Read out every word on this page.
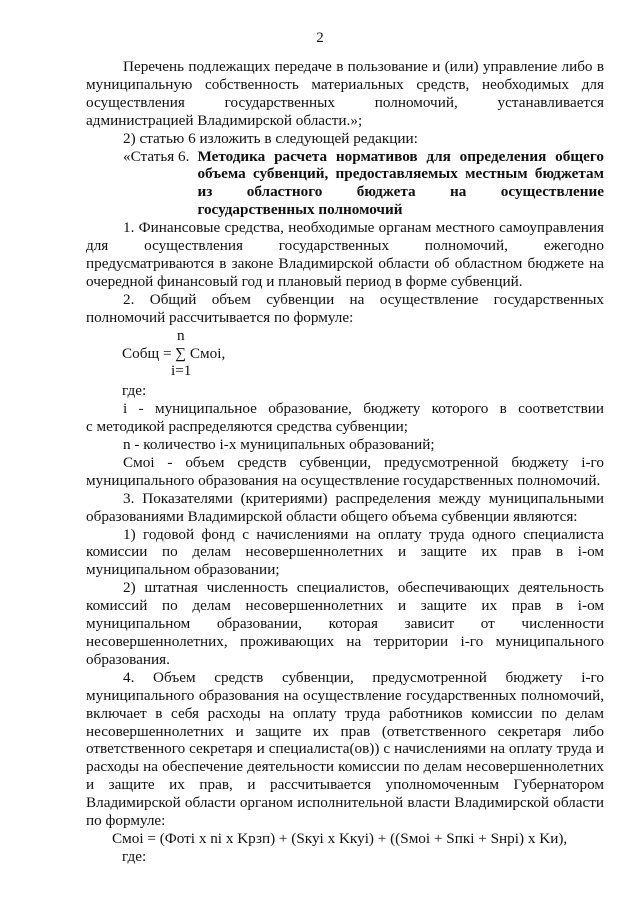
2

Перечень подлежащих передаче в пользование и (или) управление либо в

муниципальную собственность материальных средств, необходимых для

осуществления государственных полномочий, устанавливается

администрацией Владимирской области.»;

2) статью 6 изложить в следующей редакции:

«Статья 6. Методика расчета нормативов для определения общего

объема субвенций, предоставляемых местным бюджетам

из областного бюджета на осуществление

государственных полномочий

1. Финансовые средства, необходимые органам местного самоуправления

для осуществления государственных полномочий, ежегодно

предусматриваются в законе Владимирской области об областном бюджете на

очередной финансовый год и плановый период в форме субвенций.

2. Общий объем субвенции на осуществление государственных

полномочий рассчитывается по формуле:

n

Cобщ = ∑ Cмоi,

i=1

где:

i - муниципальное образование, бюджету которого в соответствии

с методикой распределяются средства субвенции;

n - количество i-х муниципальных образований;

Cмоi - объем средств субвенции, предусмотренной бюджету i-го

муниципального образования на осуществление государственных полномочий.

3. Показателями (критериями) распределения между муниципальными

образованиями Владимирской области общего объема субвенции являются:

1) годовой фонд с начислениями на оплату труда одного специалиста

комиссии по делам несовершеннолетних и защите их прав в i-ом

муниципальном образовании;

2) штатная численность специалистов, обеспечивающих деятельность

комиссий по делам несовершеннолетних и защите их прав в i-ом

муниципальном образовании, которая зависит от численности

несовершеннолетних, проживающих на территории i-го муниципального

образования.

4. Объем средств субвенции, предусмотренной бюджету i-го

муниципального образования на осуществление государственных полномочий,

включает в себя расходы на оплату труда работников комиссии по делам

несовершеннолетних и защите их прав (ответственного секретаря либо

ответственного секретаря и специалиста(ов)) с начислениями на оплату труда и

расходы на обеспечение деятельности комиссии по делам несовершеннолетних

и защите их прав, и рассчитывается уполномоченным Губернатором

Владимирской области органом исполнительной власти Владимирской области

по формуле:

Cмоi = (Фотi х ni х Kрзп) + (Sкуi х Kкуi) + ((Sмоi + Sпкi + Sнрi) х Kи),

где:
